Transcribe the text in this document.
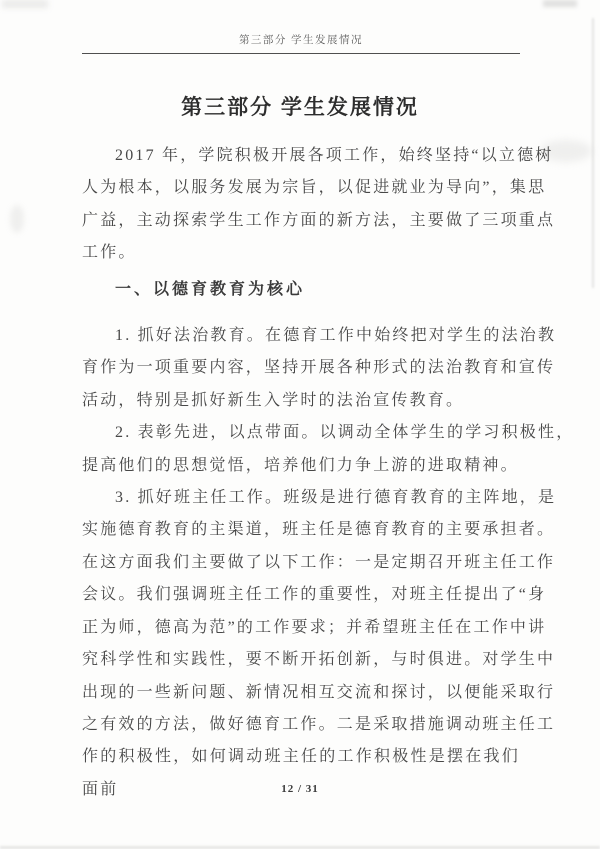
第三部分 学生发展情况
第三部分 学生发展情况
2017 年，学院积极开展各项工作，始终坚持“以立德树
人为根本，以服务发展为宗旨，以促进就业为导向”，集思
广益，主动探索学生工作方面的新方法，主要做了三项重点
工作。
一、以德育教育为核心
1. 抓好法治教育。在德育工作中始终把对学生的法治教
育作为一项重要内容，坚持开展各种形式的法治教育和宣传
活动，特别是抓好新生入学时的法治宣传教育。
2. 表彰先进，以点带面。以调动全体学生的学习积极性，
提高他们的思想觉悟，培养他们力争上游的进取精神。
3. 抓好班主任工作。班级是进行德育教育的主阵地，是
实施德育教育的主渠道，班主任是德育教育的主要承担者。
在这方面我们主要做了以下工作：一是定期召开班主任工作
会议。我们强调班主任工作的重要性，对班主任提出了“身
正为师，德高为范”的工作要求；并希望班主任在工作中讲
究科学性和实践性，要不断开拓创新，与时俱进。对学生中
出现的一些新问题、新情况相互交流和探讨，以便能采取行
之有效的方法，做好德育工作。二是采取措施调动班主任工
作的积极性，如何调动班主任的工作积极性是摆在我们面前	12 / 31
